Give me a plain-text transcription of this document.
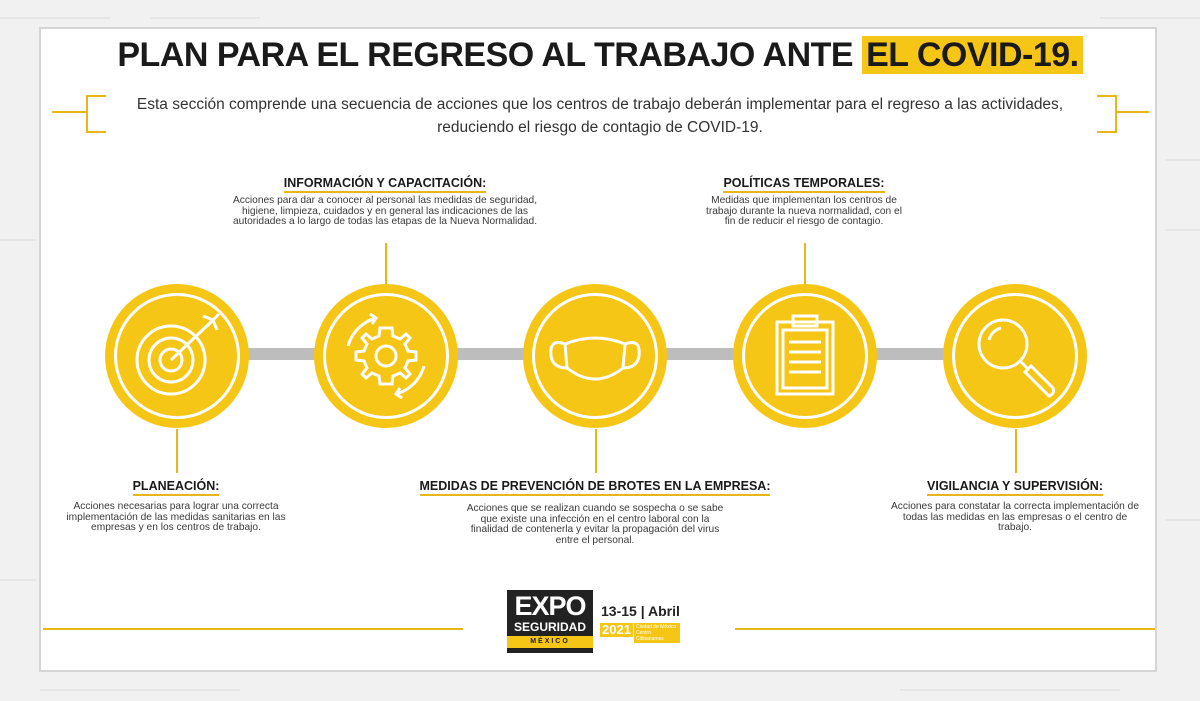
PLAN PARA EL REGRESO AL TRABAJO ANTE EL COVID-19.
Esta sección comprende una secuencia de acciones que los centros de trabajo deberán implementar para el regreso a las actividades, reduciendo el riesgo de contagio de COVID-19.
PLANEACIÓN:
Acciones necesarias para lograr una correcta implementación de las medidas sanitarias en las empresas y en los centros de trabajo.
INFORMACIÓN Y CAPACITACIÓN:
Acciones para dar a conocer al personal las medidas de seguridad, higiene, limpieza, cuidados y en general las indicaciones de las autoridades a lo largo de todas las etapas de la Nueva Normalidad.
MEDIDAS DE PREVENCIÓN DE BROTES EN LA EMPRESA:
Acciones que se realizan cuando se sospecha o se sabe que existe una infección en el centro laboral con la finalidad de contenerla y evitar la propagación del virus entre el personal.
POLÍTICAS TEMPORALES:
Medidas que implementan los centros de trabajo durante la nueva normalidad, con el fin de reducir el riesgo de contagio.
VIGILANCIA Y SUPERVISIÓN:
Acciones para constatar la correcta implementación de todas las medidas en las empresas o el centro de trabajo.
EXPO
SEGURIDAD
MÉXICO
13-15 | Abril
2021	Ciudad de México Centro Citibanamex
